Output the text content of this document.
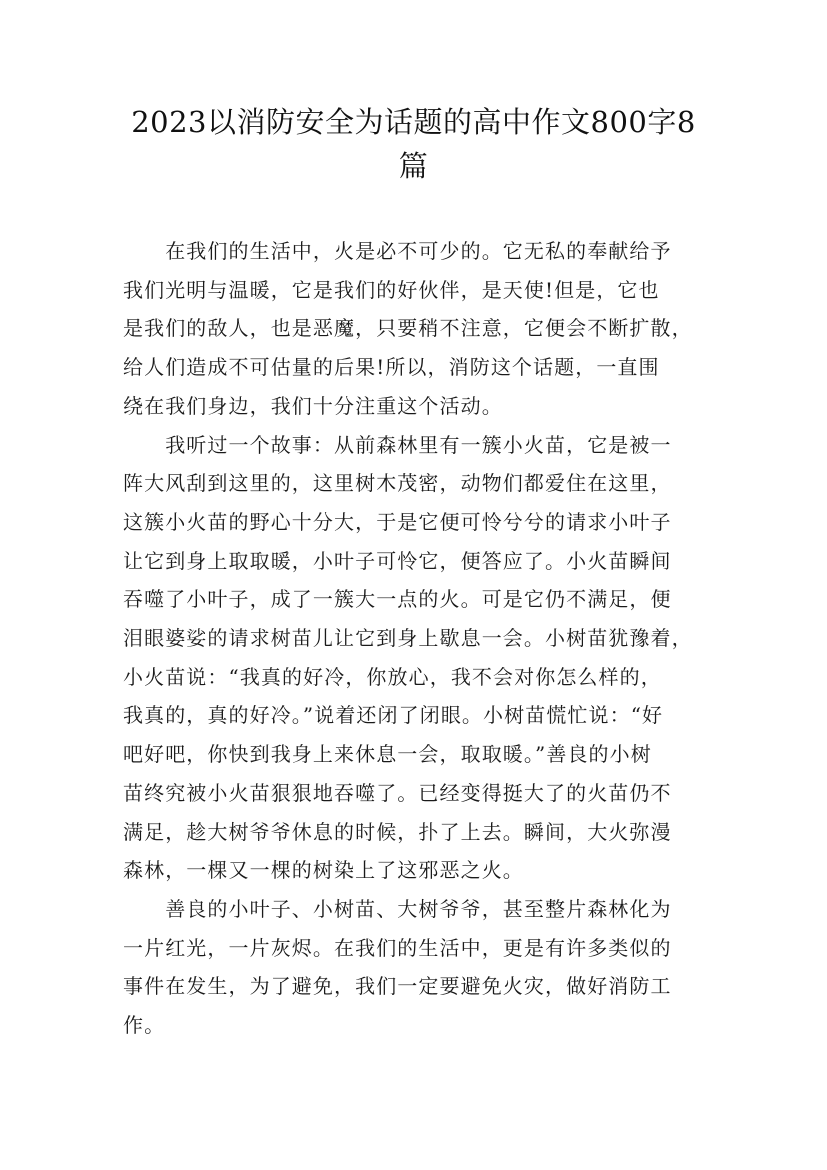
2023以消防安全为话题的高中作文800字8
篇
　　在我们的生活中，火是必不可少的。它无私的奉献给予
我们光明与温暖，它是我们的好伙伴，是天使!但是，它也
是我们的敌人，也是恶魔，只要稍不注意，它便会不断扩散，
给人们造成不可估量的后果!所以，消防这个话题，一直围
绕在我们身边，我们十分注重这个活动。
　　我听过一个故事：从前森林里有一簇小火苗，它是被一
阵大风刮到这里的，这里树木茂密，动物们都爱住在这里，
这簇小火苗的野心十分大，于是它便可怜兮兮的请求小叶子
让它到身上取取暖，小叶子可怜它，便答应了。小火苗瞬间
吞噬了小叶子，成了一簇大一点的火。可是它仍不满足，便
泪眼婆娑的请求树苗儿让它到身上歇息一会。小树苗犹豫着，
小火苗说：“我真的好冷，你放心，我不会对你怎么样的，
我真的，真的好冷。”说着还闭了闭眼。小树苗慌忙说：“好
吧好吧，你快到我身上来休息一会，取取暖。”善良的小树
苗终究被小火苗狠狠地吞噬了。已经变得挺大了的火苗仍不
满足，趁大树爷爷休息的时候，扑了上去。瞬间，大火弥漫
森林，一棵又一棵的树染上了这邪恶之火。
　　善良的小叶子、小树苗、大树爷爷，甚至整片森林化为
一片红光，一片灰烬。在我们的生活中，更是有许多类似的
事件在发生，为了避免，我们一定要避免火灾，做好消防工
作。
